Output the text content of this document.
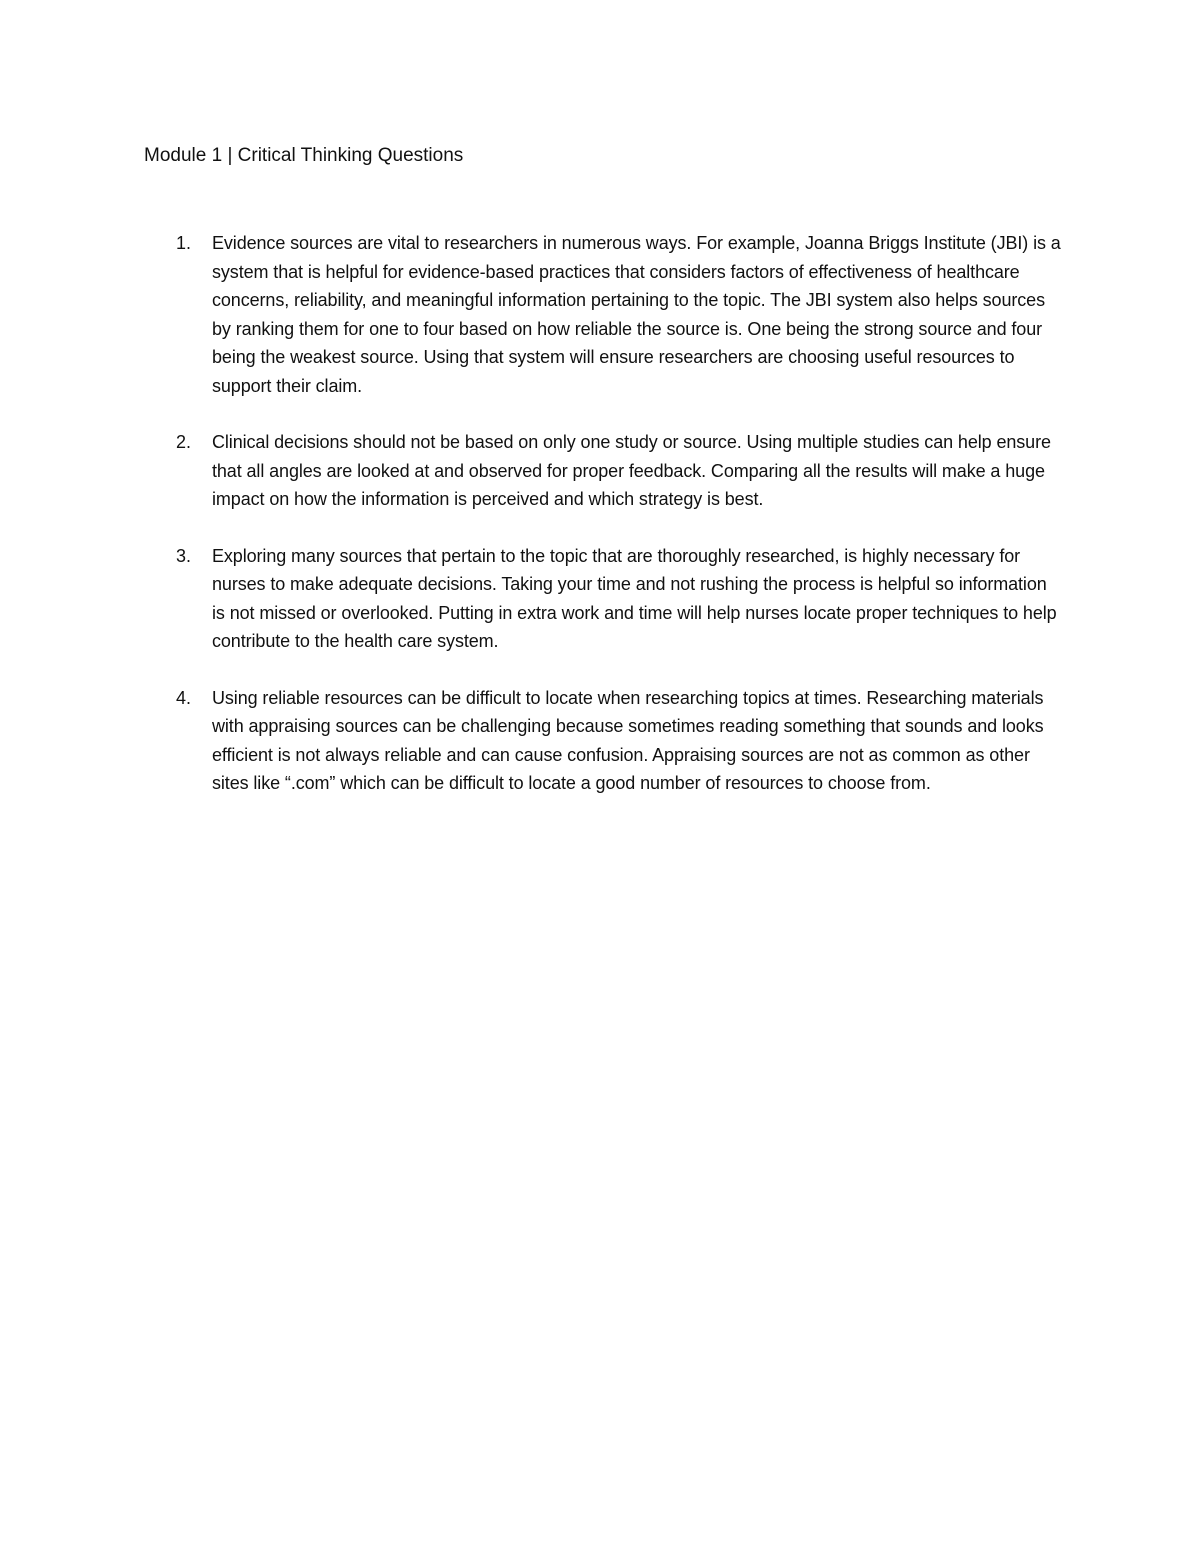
Module 1 | Critical Thinking Questions
1. Evidence sources are vital to researchers in numerous ways. For example, Joanna Briggs Institute (JBI) is a system that is helpful for evidence-based practices that considers factors of effectiveness of healthcare concerns, reliability, and meaningful information pertaining to the topic. The JBI system also helps sources by ranking them for one to four based on how reliable the source is. One being the strong source and four being the weakest source. Using that system will ensure researchers are choosing useful resources to support their claim.
2. Clinical decisions should not be based on only one study or source. Using multiple studies can help ensure that all angles are looked at and observed for proper feedback. Comparing all the results will make a huge impact on how the information is perceived and which strategy is best.
3. Exploring many sources that pertain to the topic that are thoroughly researched, is highly necessary for nurses to make adequate decisions. Taking your time and not rushing the process is helpful so information is not missed or overlooked. Putting in extra work and time will help nurses locate proper techniques to help contribute to the health care system.
4. Using reliable resources can be difficult to locate when researching topics at times. Researching materials with appraising sources can be challenging because sometimes reading something that sounds and looks efficient is not always reliable and can cause confusion. Appraising sources are not as common as other sites like “.com” which can be difficult to locate a good number of resources to choose from.
